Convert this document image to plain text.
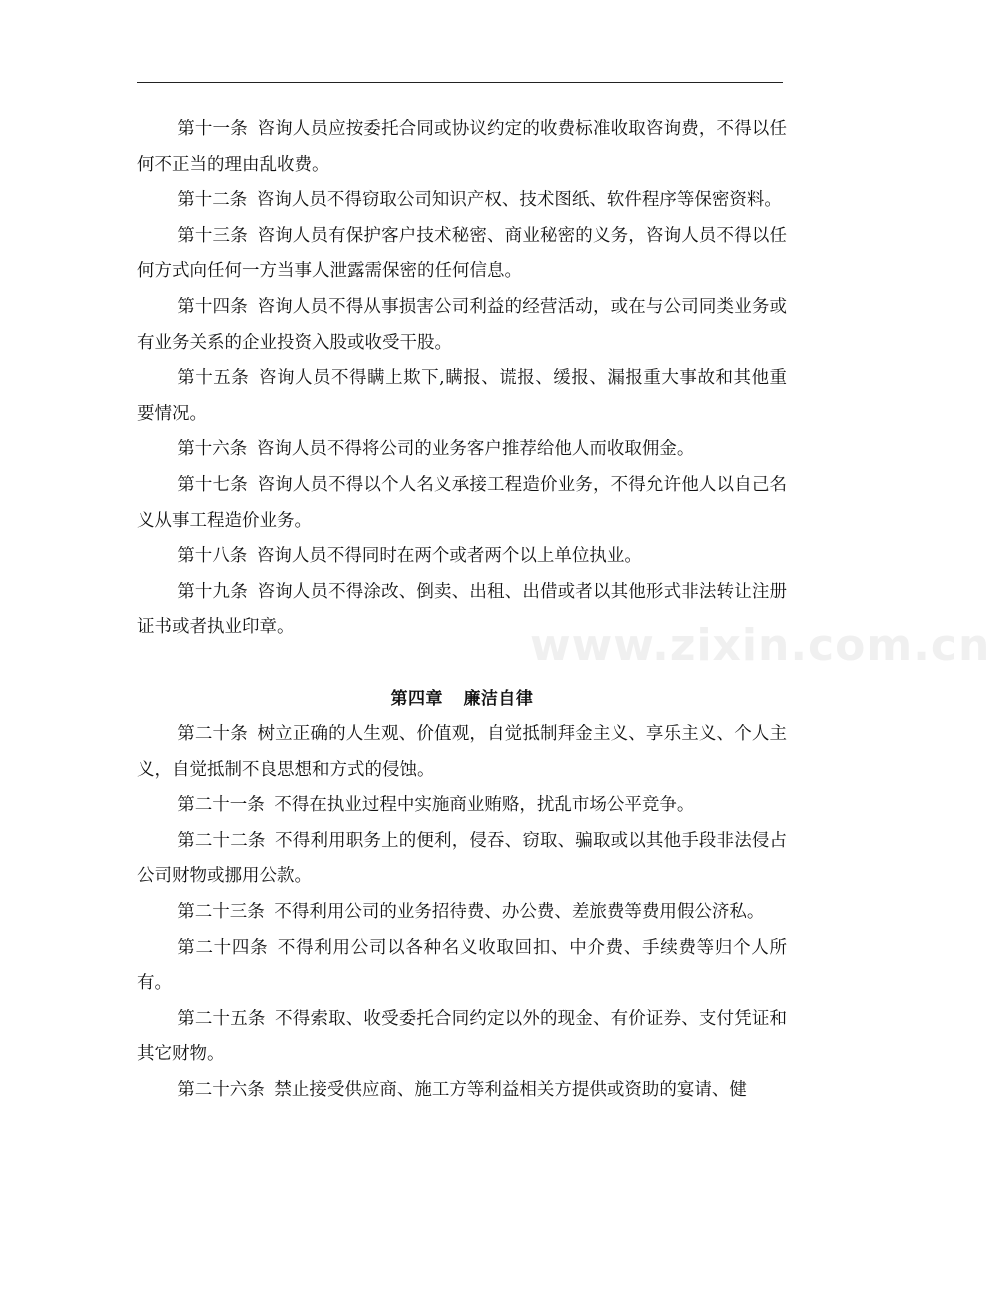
第十一条 咨询人员应按委托合同或协议约定的收费标准收取咨询费，不得以任何不正当的理由乱收费。

第十二条 咨询人员不得窃取公司知识产权、技术图纸、软件程序等保密资料。

第十三条 咨询人员有保护客户技术秘密、商业秘密的义务，咨询人员不得以任何方式向任何一方当事人泄露需保密的任何信息。

第十四条 咨询人员不得从事损害公司利益的经营活动，或在与公司同类业务或有业务关系的企业投资入股或收受干股。

第十五条 咨询人员不得瞒上欺下,瞒报、谎报、缓报、漏报重大事故和其他重要情况。

第十六条 咨询人员不得将公司的业务客户推荐给他人而收取佣金。

第十七条 咨询人员不得以个人名义承接工程造价业务，不得允许他人以自己名义从事工程造价业务。

第十八条 咨询人员不得同时在两个或者两个以上单位执业。

第十九条 咨询人员不得涂改、倒卖、出租、出借或者以其他形式非法转让注册证书或者执业印章。

第四章 廉洁自律

第二十条 树立正确的人生观、价值观，自觉抵制拜金主义、享乐主义、个人主义，自觉抵制不良思想和方式的侵蚀。

第二十一条 不得在执业过程中实施商业贿赂，扰乱市场公平竞争。

第二十二条 不得利用职务上的便利，侵吞、窃取、骗取或以其他手段非法侵占公司财物或挪用公款。

第二十三条 不得利用公司的业务招待费、办公费、差旅费等费用假公济私。

第二十四条 不得利用公司以各种名义收取回扣、中介费、手续费等归个人所有。

第二十五条 不得索取、收受委托合同约定以外的现金、有价证券、支付凭证和其它财物。

第二十六条 禁止接受供应商、施工方等利益相关方提供或资助的宴请、健

www.zixin.com.cn
